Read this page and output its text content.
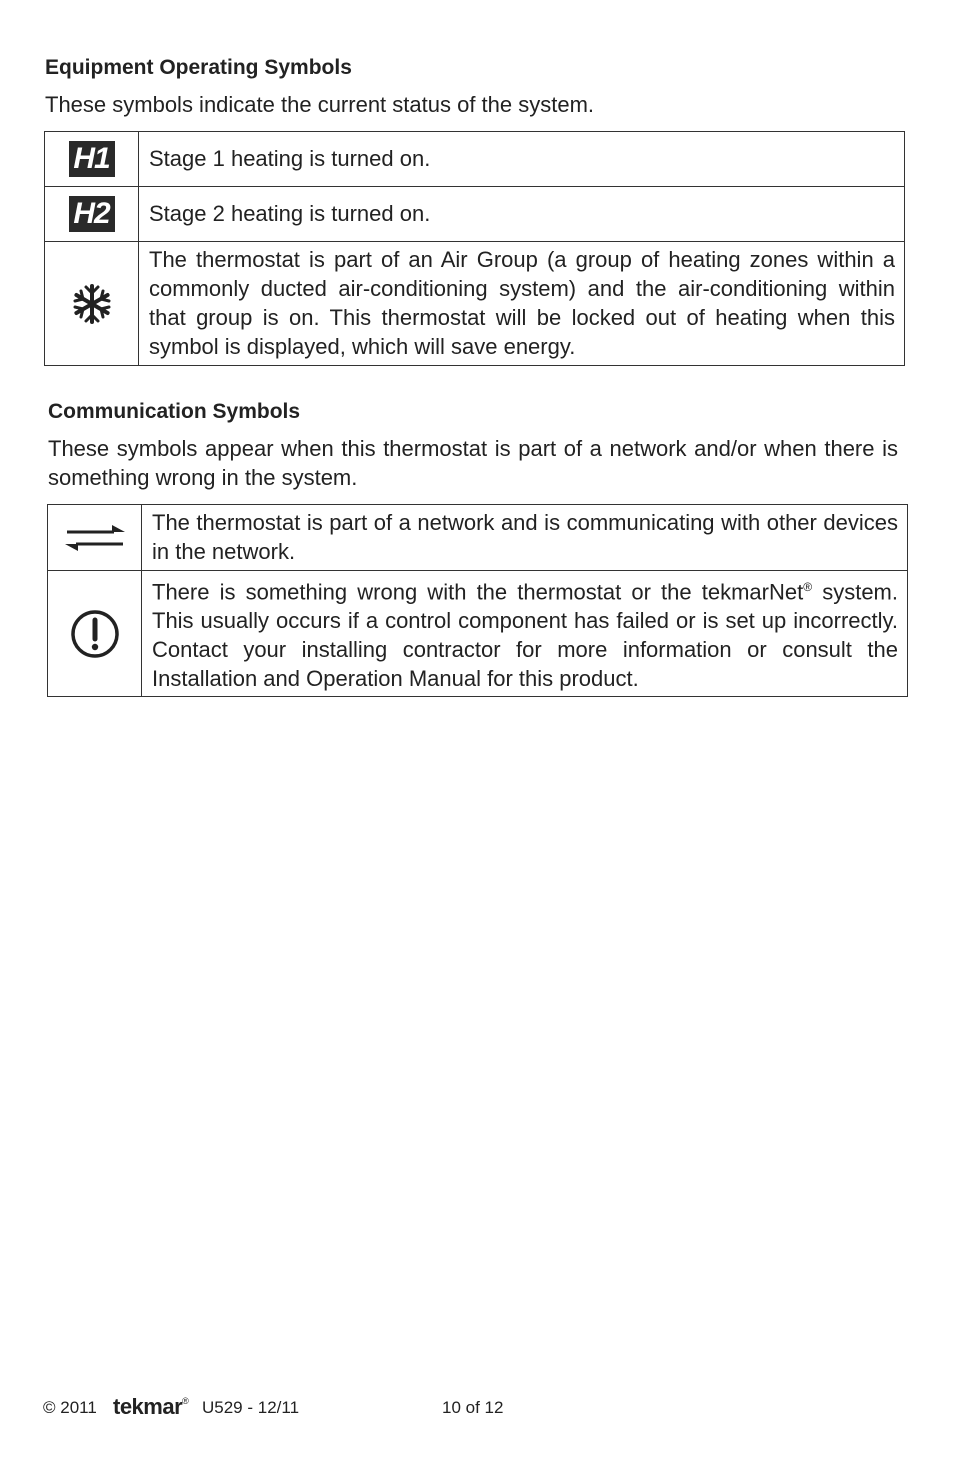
Equipment Operating Symbols
These symbols indicate the current status of the system.
H1	Stage 1 heating is turned on.
H2	Stage 2 heating is turned on.
	The thermostat is part of an Air Group (a group of heating zones within a commonly ducted air-conditioning system) and the air-conditioning within that group is on. This thermostat will be locked out of heating when this symbol is displayed, which will save energy.
Communication Symbols
These symbols appear when this thermostat is part of a network and/or when there is something wrong in the system.
	The thermostat is part of a network and is communicating with other devices in the network.
	There is something wrong with the thermostat or the tekmarNet® system. This usually occurs if a control component has failed or is set up incorrectly. Contact your installing contractor for more information or consult the Installation and Operation Manual for this product.
© 2011 tekmar® U529 - 12/11	10 of 12
